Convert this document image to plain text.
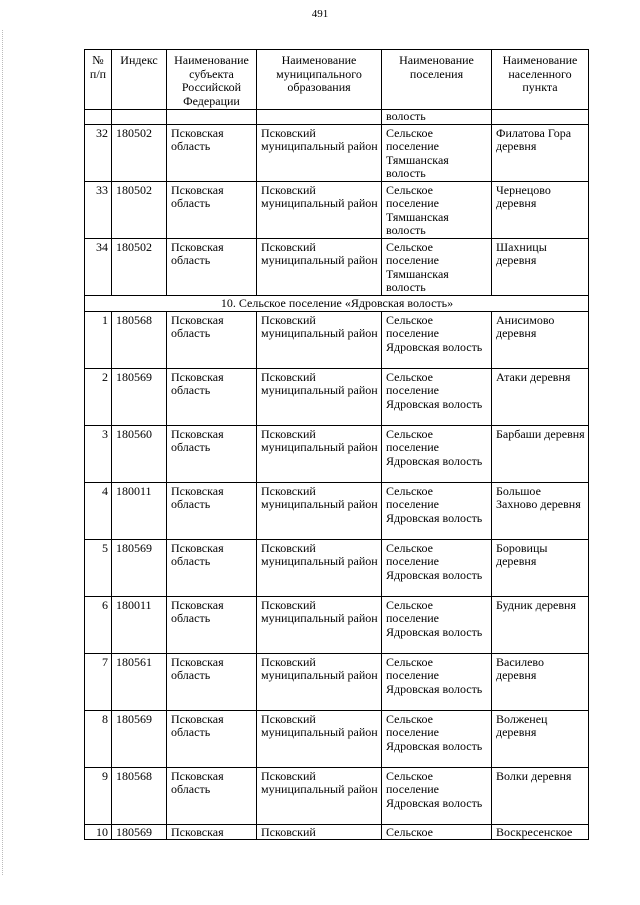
491
№ п/п	Индекс	Наименование субъекта Российской Федерации	Наименование муниципального образования	Наименование поселения	Наименование населенного пункта
				волость	
32	180502	Псковская область	Псковский муниципальный район	Сельское поселение Тямшанская волость	Филатова Гора деревня
33	180502	Псковская область	Псковский муниципальный район	Сельское поселение Тямшанская волость	Чернецово деревня
34	180502	Псковская область	Псковский муниципальный район	Сельское поселение Тямшанская волость	Шахницы деревня
10. Сельское поселение «Ядровская волость»					
1	180568	Псковская область	Псковский муниципальный район	Сельское поселение Ядровская волость	Анисимово деревня
2	180569	Псковская область	Псковский муниципальный район	Сельское поселение Ядровская волость	Атаки деревня
3	180560	Псковская область	Псковский муниципальный район	Сельское поселение Ядровская волость	Барбаши деревня
4	180011	Псковская область	Псковский муниципальный район	Сельское поселение Ядровская волость	Большое Захново деревня
5	180569	Псковская область	Псковский муниципальный район	Сельское поселение Ядровская волость	Боровицы деревня
6	180011	Псковская область	Псковский муниципальный район	Сельское поселение Ядровская волость	Будник деревня
7	180561	Псковская область	Псковский муниципальный район	Сельское поселение Ядровская волость	Василево деревня
8	180569	Псковская область	Псковский муниципальный район	Сельское поселение Ядровская волость	Волженец деревня
9	180568	Псковская область	Псковский муниципальный район	Сельское поселение Ядровская волость	Волки деревня
10	180569	Псковская	Псковский	Сельское	Воскресенское
